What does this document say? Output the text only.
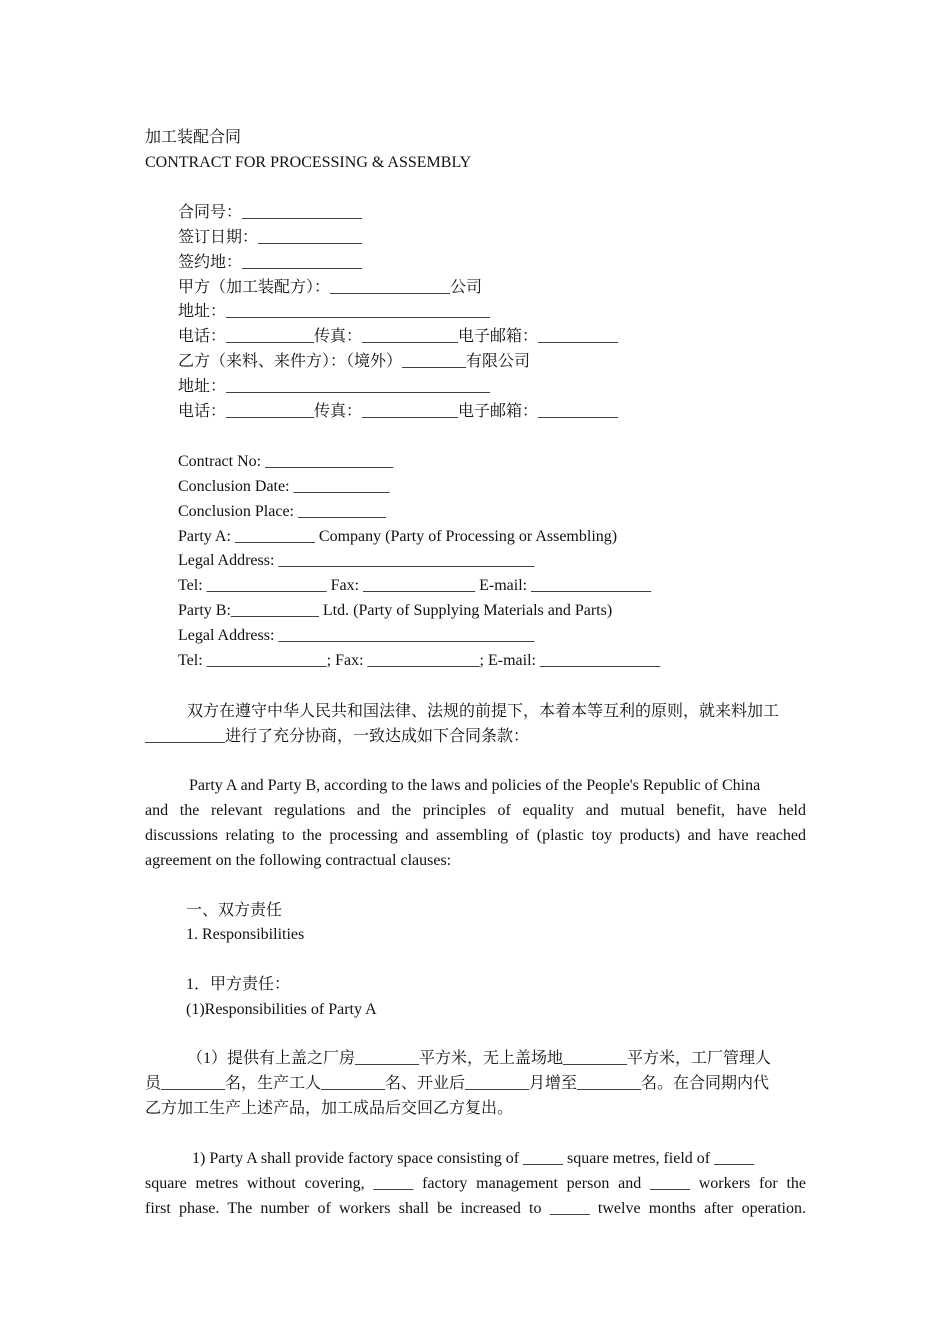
加工装配合同
CONTRACT FOR PROCESSING & ASSEMBLY
合同号：_______________
签订日期：_____________
签约地：_______________
甲方（加工装配方）：_______________公司
地址：_________________________________
电话：___________传真：____________电子邮箱：__________
乙方（来料、来件方）：（境外）________有限公司
地址：_________________________________
电话：___________传真：____________电子邮箱：__________
Contract No: ________________
Conclusion Date: ____________
Conclusion Place: ___________
Party A: __________ Company (Party of Processing or Assembling)
Legal Address: ________________________________
Tel: _______________ Fax: ______________ E-mail: _______________
Party B:___________ Ltd. (Party of Supplying Materials and Parts)
Legal Address: ________________________________
Tel: _______________; Fax: ______________; E-mail: _______________
双方在遵守中华人民共和国法律、法规的前提下，本着本等互利的原则，就来料加工
__________进行了充分协商，一致达成如下合同条款：
Party A and Party B, according to the laws and policies of the People's Republic of China
and the relevant regulations and the principles of equality and mutual benefit, have held
discussions relating to the processing and assembling of (plastic toy products) and have reached
agreement on the following contractual clauses:
一、双方责任
1. Responsibilities
1．甲方责任：
(1)Responsibilities of Party A
（1）提供有上盖之厂房________平方米，无上盖场地________平方米，工厂管理人
员________名，生产工人________名、开业后________月增至________名。在合同期内代
乙方加工生产上述产品，加工成品后交回乙方复出。
1) Party A shall provide factory space consisting of _____ square metres, field of _____
square metres without covering, _____ factory management person and _____ workers for the
first phase. The number of workers shall be increased to _____ twelve months after operation.
